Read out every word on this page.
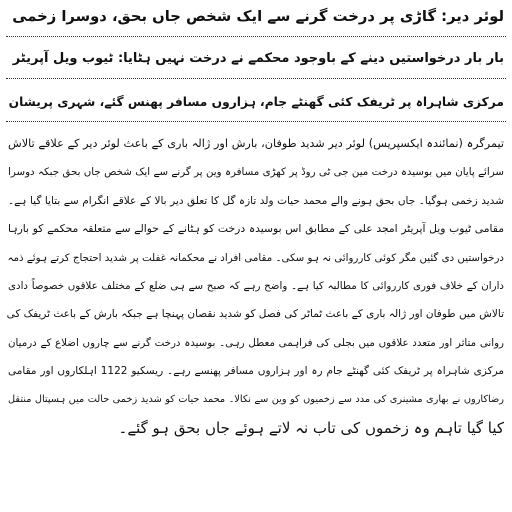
لوئر دیر: گاڑی پر درخت گرنے سے ایک شخص جاں بحق، دوسرا زخمی
بار بار درخواستیں دینے کے باوجود محکمے نے درخت نہیں ہٹایا: ٹیوب ویل آپریٹر
مرکزی شاہراہ پر ٹریفک کئی گھنٹے جام، ہزاروں مسافر پھنس گئے، شہری پریشان
تیمرگرہ (نمائندہ ایکسپریس) لوئر دیر شدید طوفان، بارش اور ژالہ باری کے باعث لوئر دیر کے علاقے تالاش
سرائے پایان میں بوسیدہ درخت مین جی ٹی روڈ پر کھڑی مسافرہ وین پر گرنے سے ایک شخص جاں بحق جبکہ دوسرا
شدید زخمی ہوگیا۔ جاں بحق ہونے والے محمد حیات ولد تازہ گل کا تعلق دیر بالا کے علاقے انگرام سے بتایا گیا ہے۔
مقامی ٹیوب ویل آپریٹر امجد علی کے مطابق اس بوسیدہ درخت کو ہٹانے کے حوالے سے متعلقہ محکمے کو بارہا
درخواستیں دی گئیں مگر کوئی کارروائی نہ ہو سکی۔ مقامی افراد نے محکمانہ غفلت پر شدید احتجاج کرتے ہوئے ذمہ
داران کے خلاف فوری کارروائی کا مطالبہ کیا ہے۔ واضح رہے کہ صبح سے ہی ضلع کے مختلف علاقوں خصوصاً دادی
تالاش میں طوفان اور ژالہ باری کے باعث ٹماٹر کی فصل کو شدید نقصان پہنچا ہے جبکہ بارش کے باعث ٹریفک کی
روانی متاثر اور متعدد علاقوں میں بجلی کی فراہمی معطل رہی۔ بوسیدہ درخت گرنے سے چاروں اضلاع کے درمیان
مرکزی شاہراہ پر ٹریفک کئی گھنٹے جام رہ اور ہزاروں مسافر پھنسے رہے۔ ریسکیو 1122 اہلکاروں اور مقامی
رضاکاروں نے بھاری مشینری کی مدد سے زخمیوں کو وین سے نکالا۔ محمد حیات کو شدید زخمی حالت میں ہسپتال منتقل
کیا گیا تاہم وہ زخموں کی تاب نہ لاتے ہوئے جاں بحق ہو گئے۔
